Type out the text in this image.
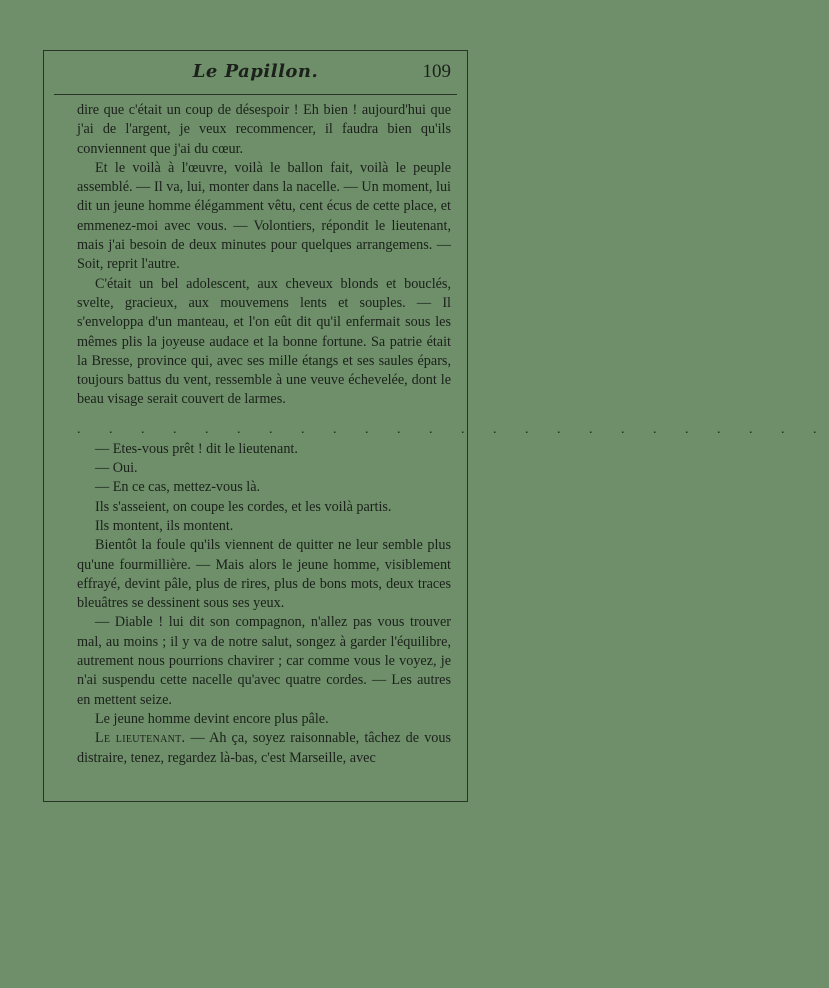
Le Papillon.	109

dire que c'était un coup de désespoir ! Eh bien ! aujourd'hui que j'ai de l'argent, je veux recommencer, il faudra bien qu'ils conviennent que j'ai du cœur.

Et le voilà à l'œuvre, voilà le ballon fait, voilà le peuple assemblé. — Il va, lui, monter dans la nacelle. — Un moment, lui dit un jeune homme élégamment vêtu, cent écus de cette place, et emmenez-moi avec vous. — Volontiers, répondit le lieutenant, mais j'ai besoin de deux minutes pour quelques arrangemens. — Soit, reprit l'autre.

C'était un bel adolescent, aux cheveux blonds et bouclés, svelte, gracieux, aux mouvemens lents et souples. — Il s'enveloppa d'un manteau, et l'on eût dit qu'il enfermait sous les mêmes plis la joyeuse audace et la bonne fortune. Sa patrie était la Bresse, province qui, avec ses mille étangs et ses saules épars, toujours battus du vent, ressemble à une veuve échevelée, dont le beau visage serait couvert de larmes.

. . . . . . . . . . . . . . . . . . . . . . . .

— Etes-vous prêt ! dit le lieutenant.

— Oui.

— En ce cas, mettez-vous là.

Ils s'asseient, on coupe les cordes, et les voilà partis.

Ils montent, ils montent.

Bientôt la foule qu'ils viennent de quitter ne leur semble plus qu'une fourmillière. — Mais alors le jeune homme, visiblement effrayé, devint pâle, plus de rires, plus de bons mots, deux traces bleuâtres se dessinent sous ses yeux.

— Diable ! lui dit son compagnon, n'allez pas vous trouver mal, au moins ; il y va de notre salut, songez à garder l'équilibre, autrement nous pourrions chavirer ; car comme vous le voyez, je n'ai suspendu cette nacelle qu'avec quatre cordes. — Les autres en mettent seize.

Le jeune homme devint encore plus pâle.

Le lieutenant. — Ah ça, soyez raisonnable, tâchez de vous distraire, tenez, regardez là-bas, c'est Marseille, avec
